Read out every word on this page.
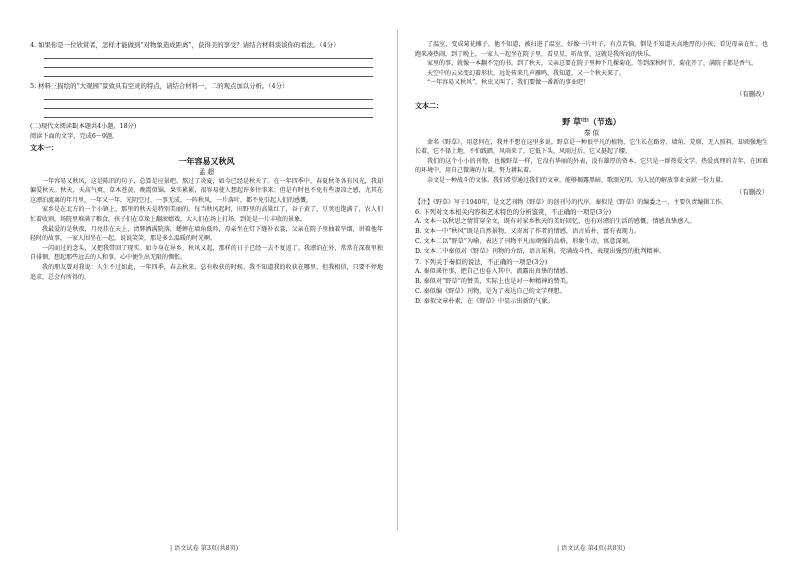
4. 如果你是一位欣赏者，怎样才能做到“对物象造成距离”，获得美的享受？请结合材料谈谈你的看法。（4分）

5. 材料三描绘的“大观园”景致具有空灵的特点，请结合材料一、二的观点加以分析。（4分）

(二)现代文阅读Ⅱ(本题共4小题，18分)

阅读下面的文字，完成6～9题。

文本一：

一年容易又秋风

孟 超

一年容易又秋风，这是陈旧的句子，总算是应景吧。熬过了炎夏，如今已经是秋天了。在一年四季中，春夏秋冬各有风光，我却偏爱秋天。秋天，天高气爽，草木苍黄，晚霞似锦，果实累累，很容易使人想起许多往事来；但是有时也不免有些凄凉之感，尤其在这漂泊流离的年月里，一年又一年，光阴空过，一事无成，一阵秋风，一片落叶，都不免引起人们的感慨。

家乡是在北方的一个小镇上，那里的秋天是特别美丽的。每当秋风起时，田野里的高粱红了，谷子黄了，豆荚也饱满了，农人们忙着收割，场院里堆满了粮食，孩子们在草垛上翻滚嬉戏，大人们在场上打场，到处是一片丰收的景象。

我最爱的是秋夜，月亮挂在天上，清辉洒满院落，蟋蟀在墙角低吟，母亲坐在灯下缝补衣裳，父亲在院子里抽着旱烟，讲着他年轻时的故事，一家人围坐在一起，说说笑笑，那是多么温暖的时光啊。

一闪而过的念头，又把我带回了现实。如今身在异乡，秋风又起，那样的日子已经一去不复返了。我漂泊在外，常常在深夜里独自徘徊，想起那些远去的人和事，心中便生出无限的惆怅。

我的朋友曾对我说：人生不过如此，一年四季，春去秋来，总有收获的时候。我不知道我的收获在哪里，但我相信，只要不停地追求，总会有所得的。

| 语文试卷 第3页(共8页)

了温室，变成菊花摊子。他不知道，被扫进了温室，好像一片叶子，有点苦恼，倒是不知道天高地厚的小孩，看见母亲在忙，也跑来凑热闹，到了晚上，一家人一起坐在院子里，看星星，听故事，这就是我所说的快乐。

家里的事，就像一本翻不完的书。到了秋天，父亲总要在院子里种下几棵菊花，等到深秋时节，菊花开了，满院子都是香气。

天空中的云朵变幻着形状，远处传来几声雁鸣，我知道，又一个秋天来了。

“一年容易又秋风”，秋虫又叫了，我们要做一番新的事业吧！

（有删改）

文本二：

野 草[注]（节选）

秦 似

命名《野草》，用意何在，我并不想在这里多说。野草是一种很平凡的植物，它生长在路旁、墙角、荒原，无人照料，却顽强地生长着。它不择土地，不怕践踏，风雨来了，它低下头，风雨过后，它又挺起了腰。

我们的这个小小的刊物，也像野草一样，它没有华丽的外表，没有雄厚的资本，它只是一群热爱文学、热爱真理的青年，在困难的环境中，用自己微薄的力量，努力耕耘着。

杂文是一种战斗的文体。我们希望通过我们的文章，能够揭露黑暗，歌颂光明，为人民的解放事业贡献一份力量。

（有删改）

【注】《野草》写于1940年，是文艺刊物《野草》的创刊号的代序。秦似是《野草》的编委之一，主要负责编辑工作。

6. 下列对文本相关内容和艺术特色的分析鉴赏，不正确的一项是(3分)

A. 文本一以秋思之情贯穿全文，既有对家乡秋天的美好回忆，也有对漂泊生活的感慨，情感真挚感人。

B. 文本一中“秋风”既是自然景物，又寄寓了作者的情感，语言质朴，富有表现力。

C. 文本二以“野草”为喻，表达了刊物平凡而顽强的品格，形象生动，寓意深刻。

D. 文本二中秦似对《野草》刊物的介绍，语言犀利，充满战斗性，表现出强烈的批判精神。

7. 下列关于秦似的说法，不正确的一项是(3分)

A. 秦似谈往事，把自己也卷入其中，流露出真挚的情感。

B. 秦似对“野草”的赞美，实际上也是对一种精神的赞美。

C. 秦似编《野草》刊物，是为了表达自己的文学理想。

D. 秦似文章朴素，在《野草》中显示出新的气象。

| 语文试卷 第4页(共8页)
